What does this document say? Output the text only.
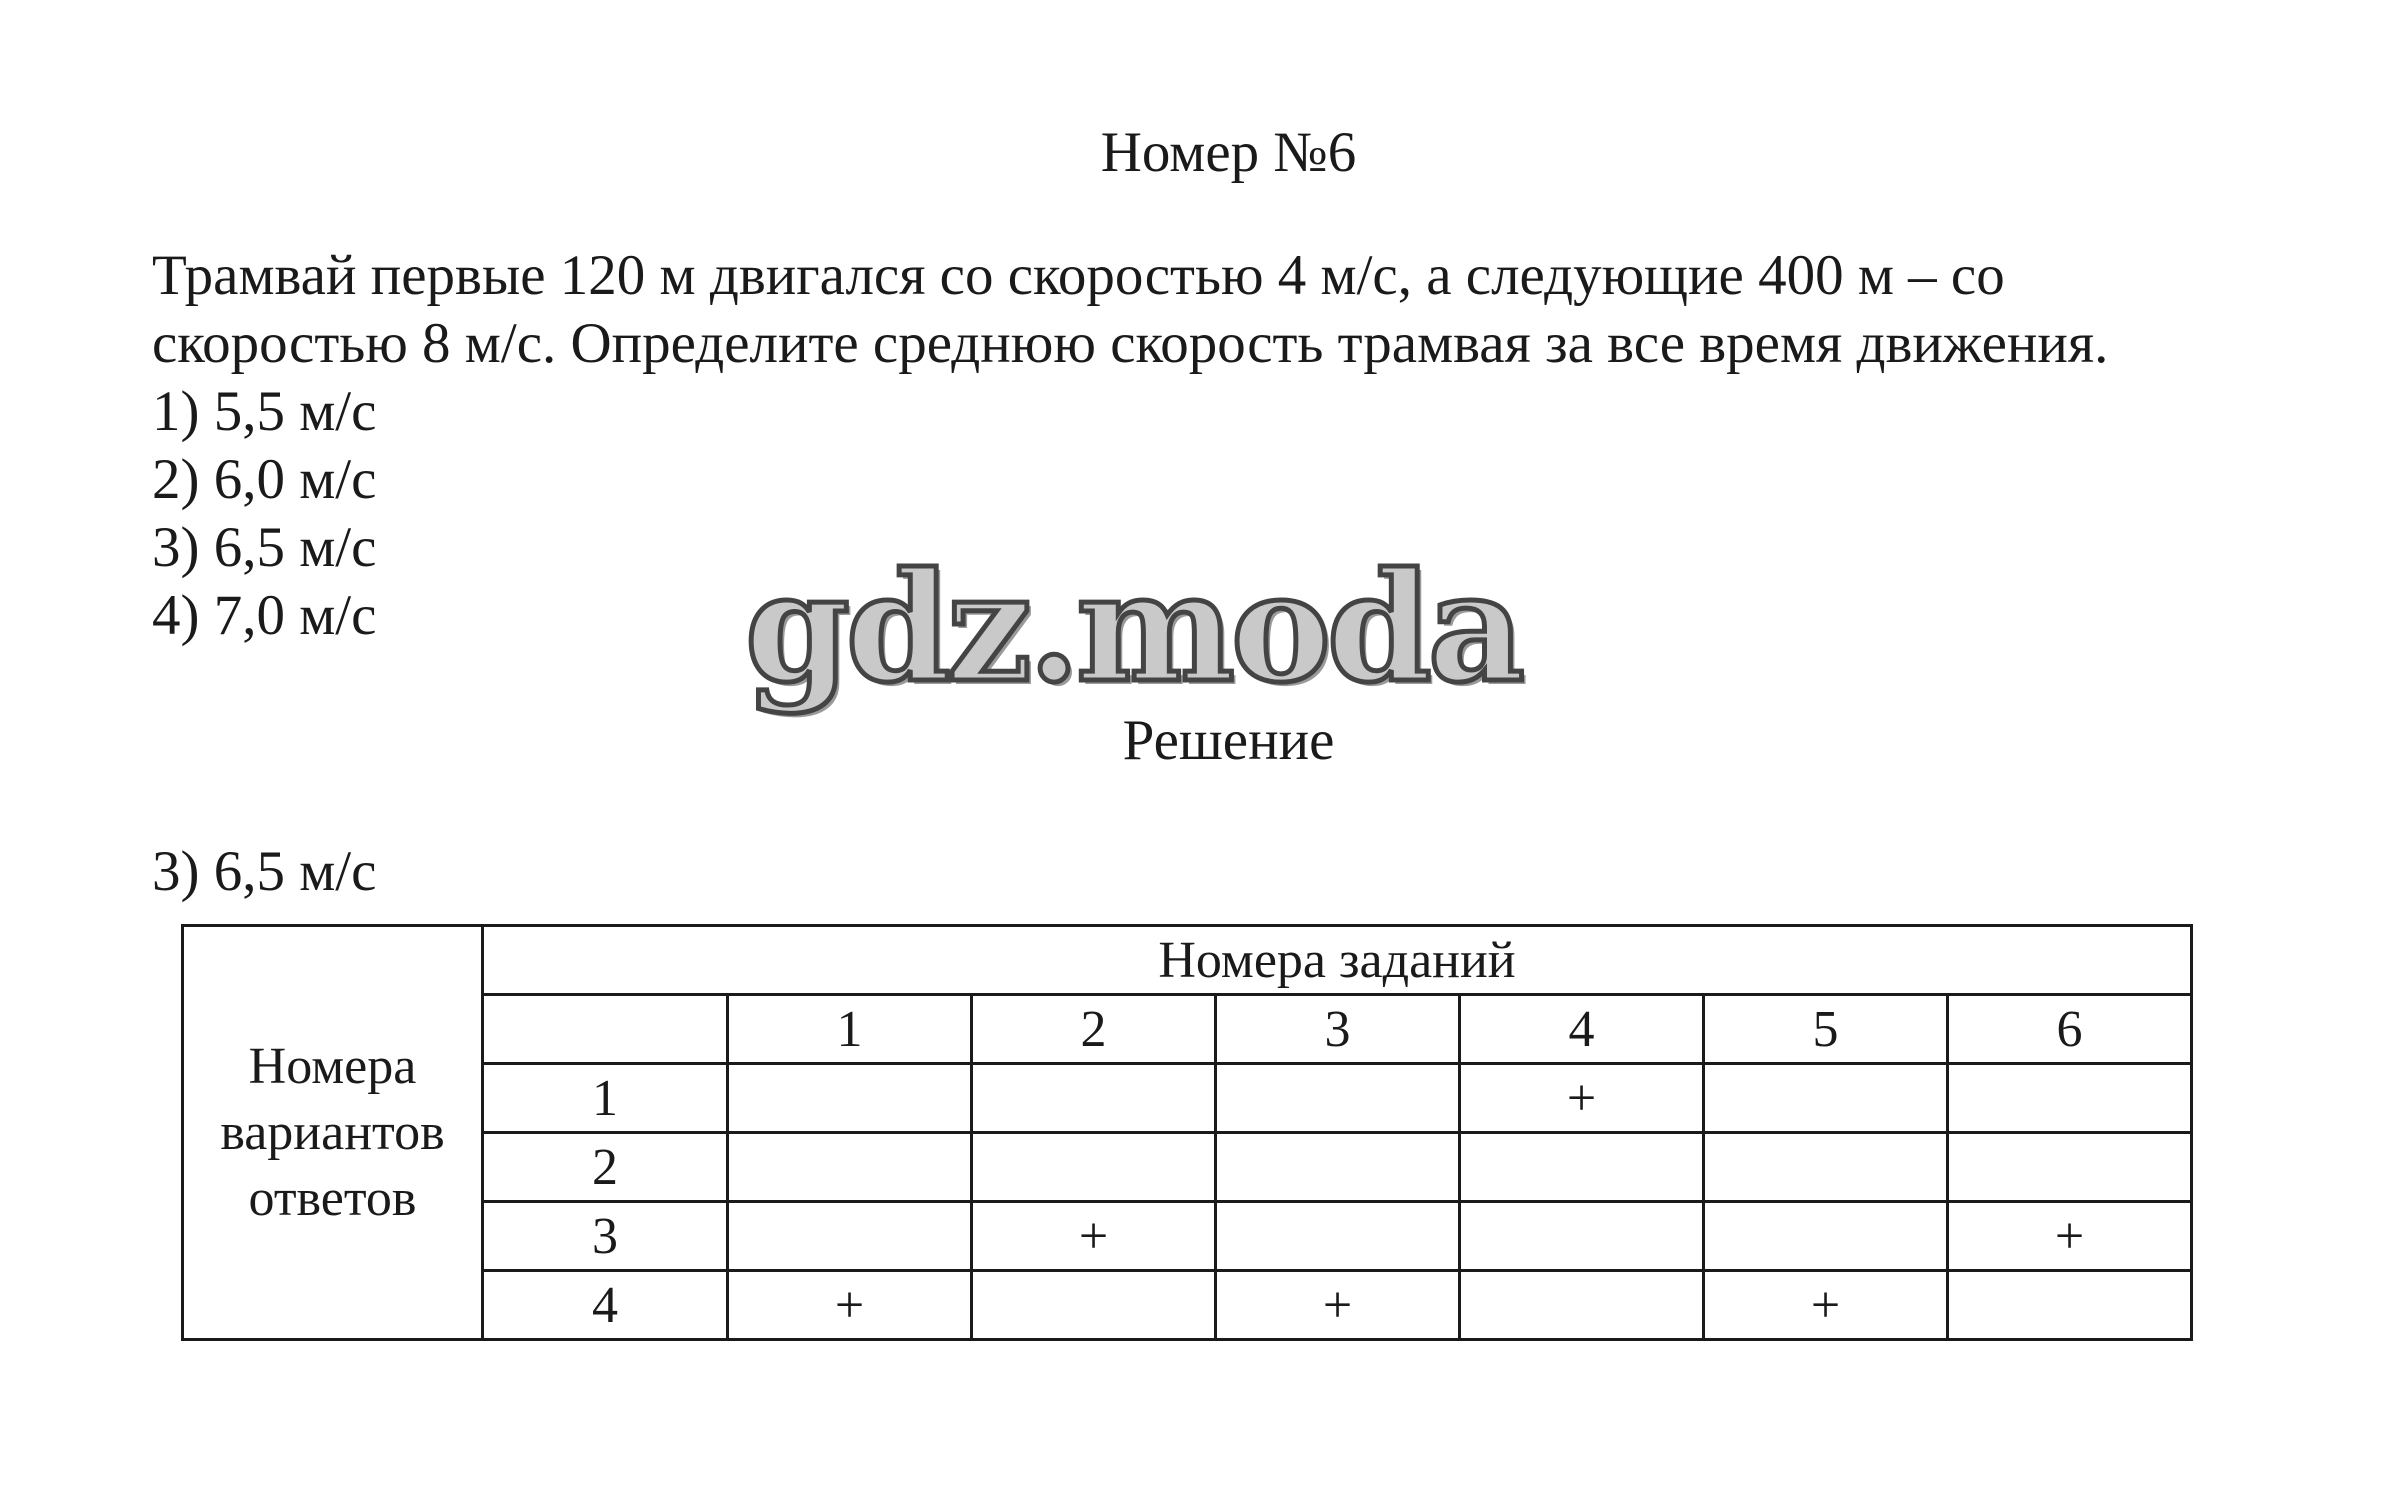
Номер №6

Трамвай первые 120 м двигался со скоростью 4 м/с, а следующие 400 м – со

скоростью 8 м/с. Определите среднюю скорость трамвая за все время движения.

1) 5,5 м/с
2) 6,0 м/с
3) 6,5 м/с
4) 7,0 м/с gdz.moda
Решение
3) 6,5 м/с
Номера
вариантов
ответов	Номера заданий						
		1	2	3	4	5	6
	1				+		
	2						
	3		+				+
	4	+		+		+	
